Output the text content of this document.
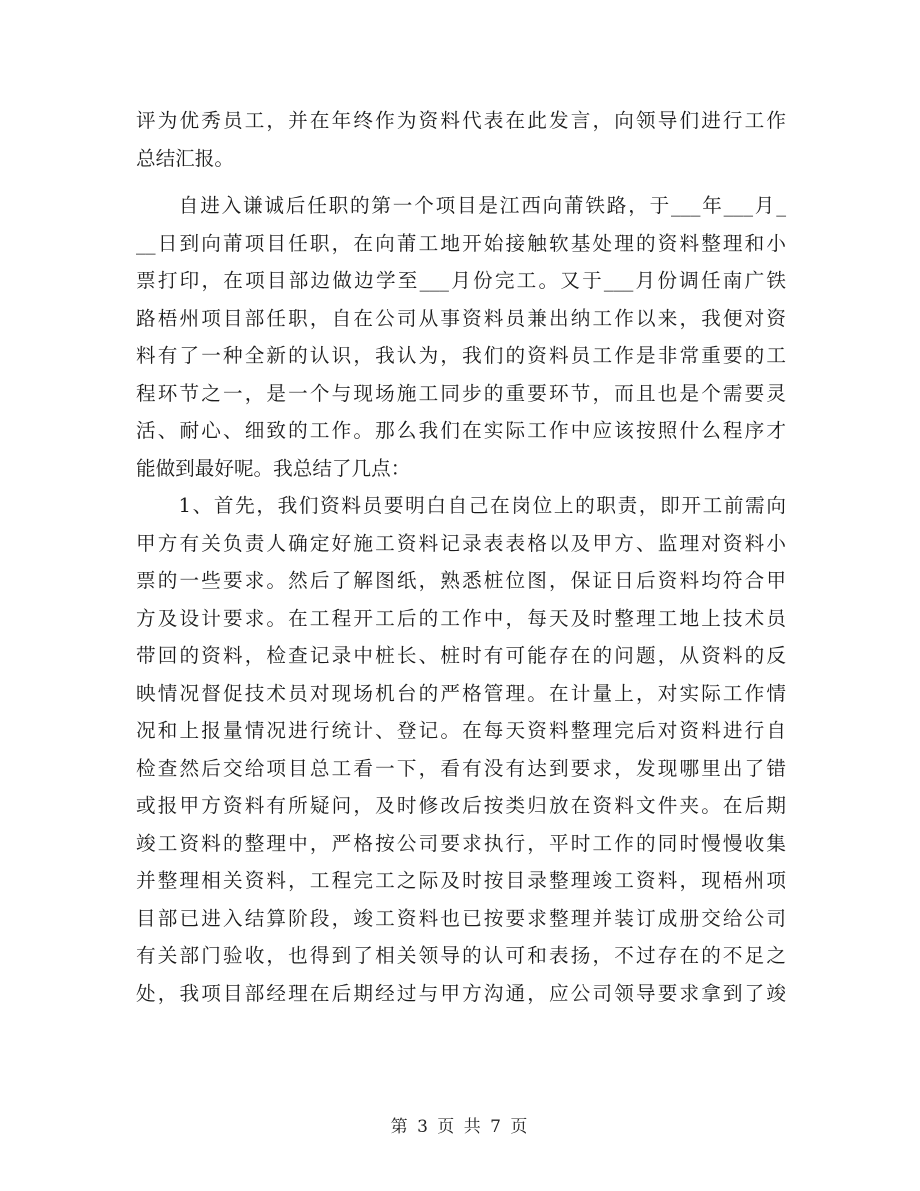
评为优秀员工，并在年终作为资料代表在此发言，向领导们进行工作
总结汇报。
　　自进入谦诚后任职的第一个项目是江西向莆铁路，于___年___月_
__日到向莆项目任职，在向莆工地开始接触软基处理的资料整理和小
票打印，在项目部边做边学至___月份完工。又于___月份调任南广铁
路梧州项目部任职，自在公司从事资料员兼出纳工作以来，我便对资
料有了一种全新的认识，我认为，我们的资料员工作是非常重要的工
程环节之一，是一个与现场施工同步的重要环节，而且也是个需要灵
活、耐心、细致的工作。那么我们在实际工作中应该按照什么程序才
能做到最好呢。我总结了几点：
　　1、首先，我们资料员要明白自己在岗位上的职责，即开工前需向
甲方有关负责人确定好施工资料记录表表格以及甲方、监理对资料小
票的一些要求。然后了解图纸，熟悉桩位图，保证日后资料均符合甲
方及设计要求。在工程开工后的工作中，每天及时整理工地上技术员
带回的资料，检查记录中桩长、桩时有可能存在的问题，从资料的反
映情况督促技术员对现场机台的严格管理。在计量上，对实际工作情
况和上报量情况进行统计、登记。在每天资料整理完后对资料进行自
检查然后交给项目总工看一下，看有没有达到要求，发现哪里出了错
或报甲方资料有所疑问，及时修改后按类归放在资料文件夹。在后期
竣工资料的整理中，严格按公司要求执行，平时工作的同时慢慢收集
并整理相关资料，工程完工之际及时按目录整理竣工资料，现梧州项
目部已进入结算阶段，竣工资料也已按要求整理并装订成册交给公司
有关部门验收，也得到了相关领导的认可和表扬，不过存在的不足之
处，我项目部经理在后期经过与甲方沟通，应公司领导要求拿到了竣
第 3 页 共 7 页
